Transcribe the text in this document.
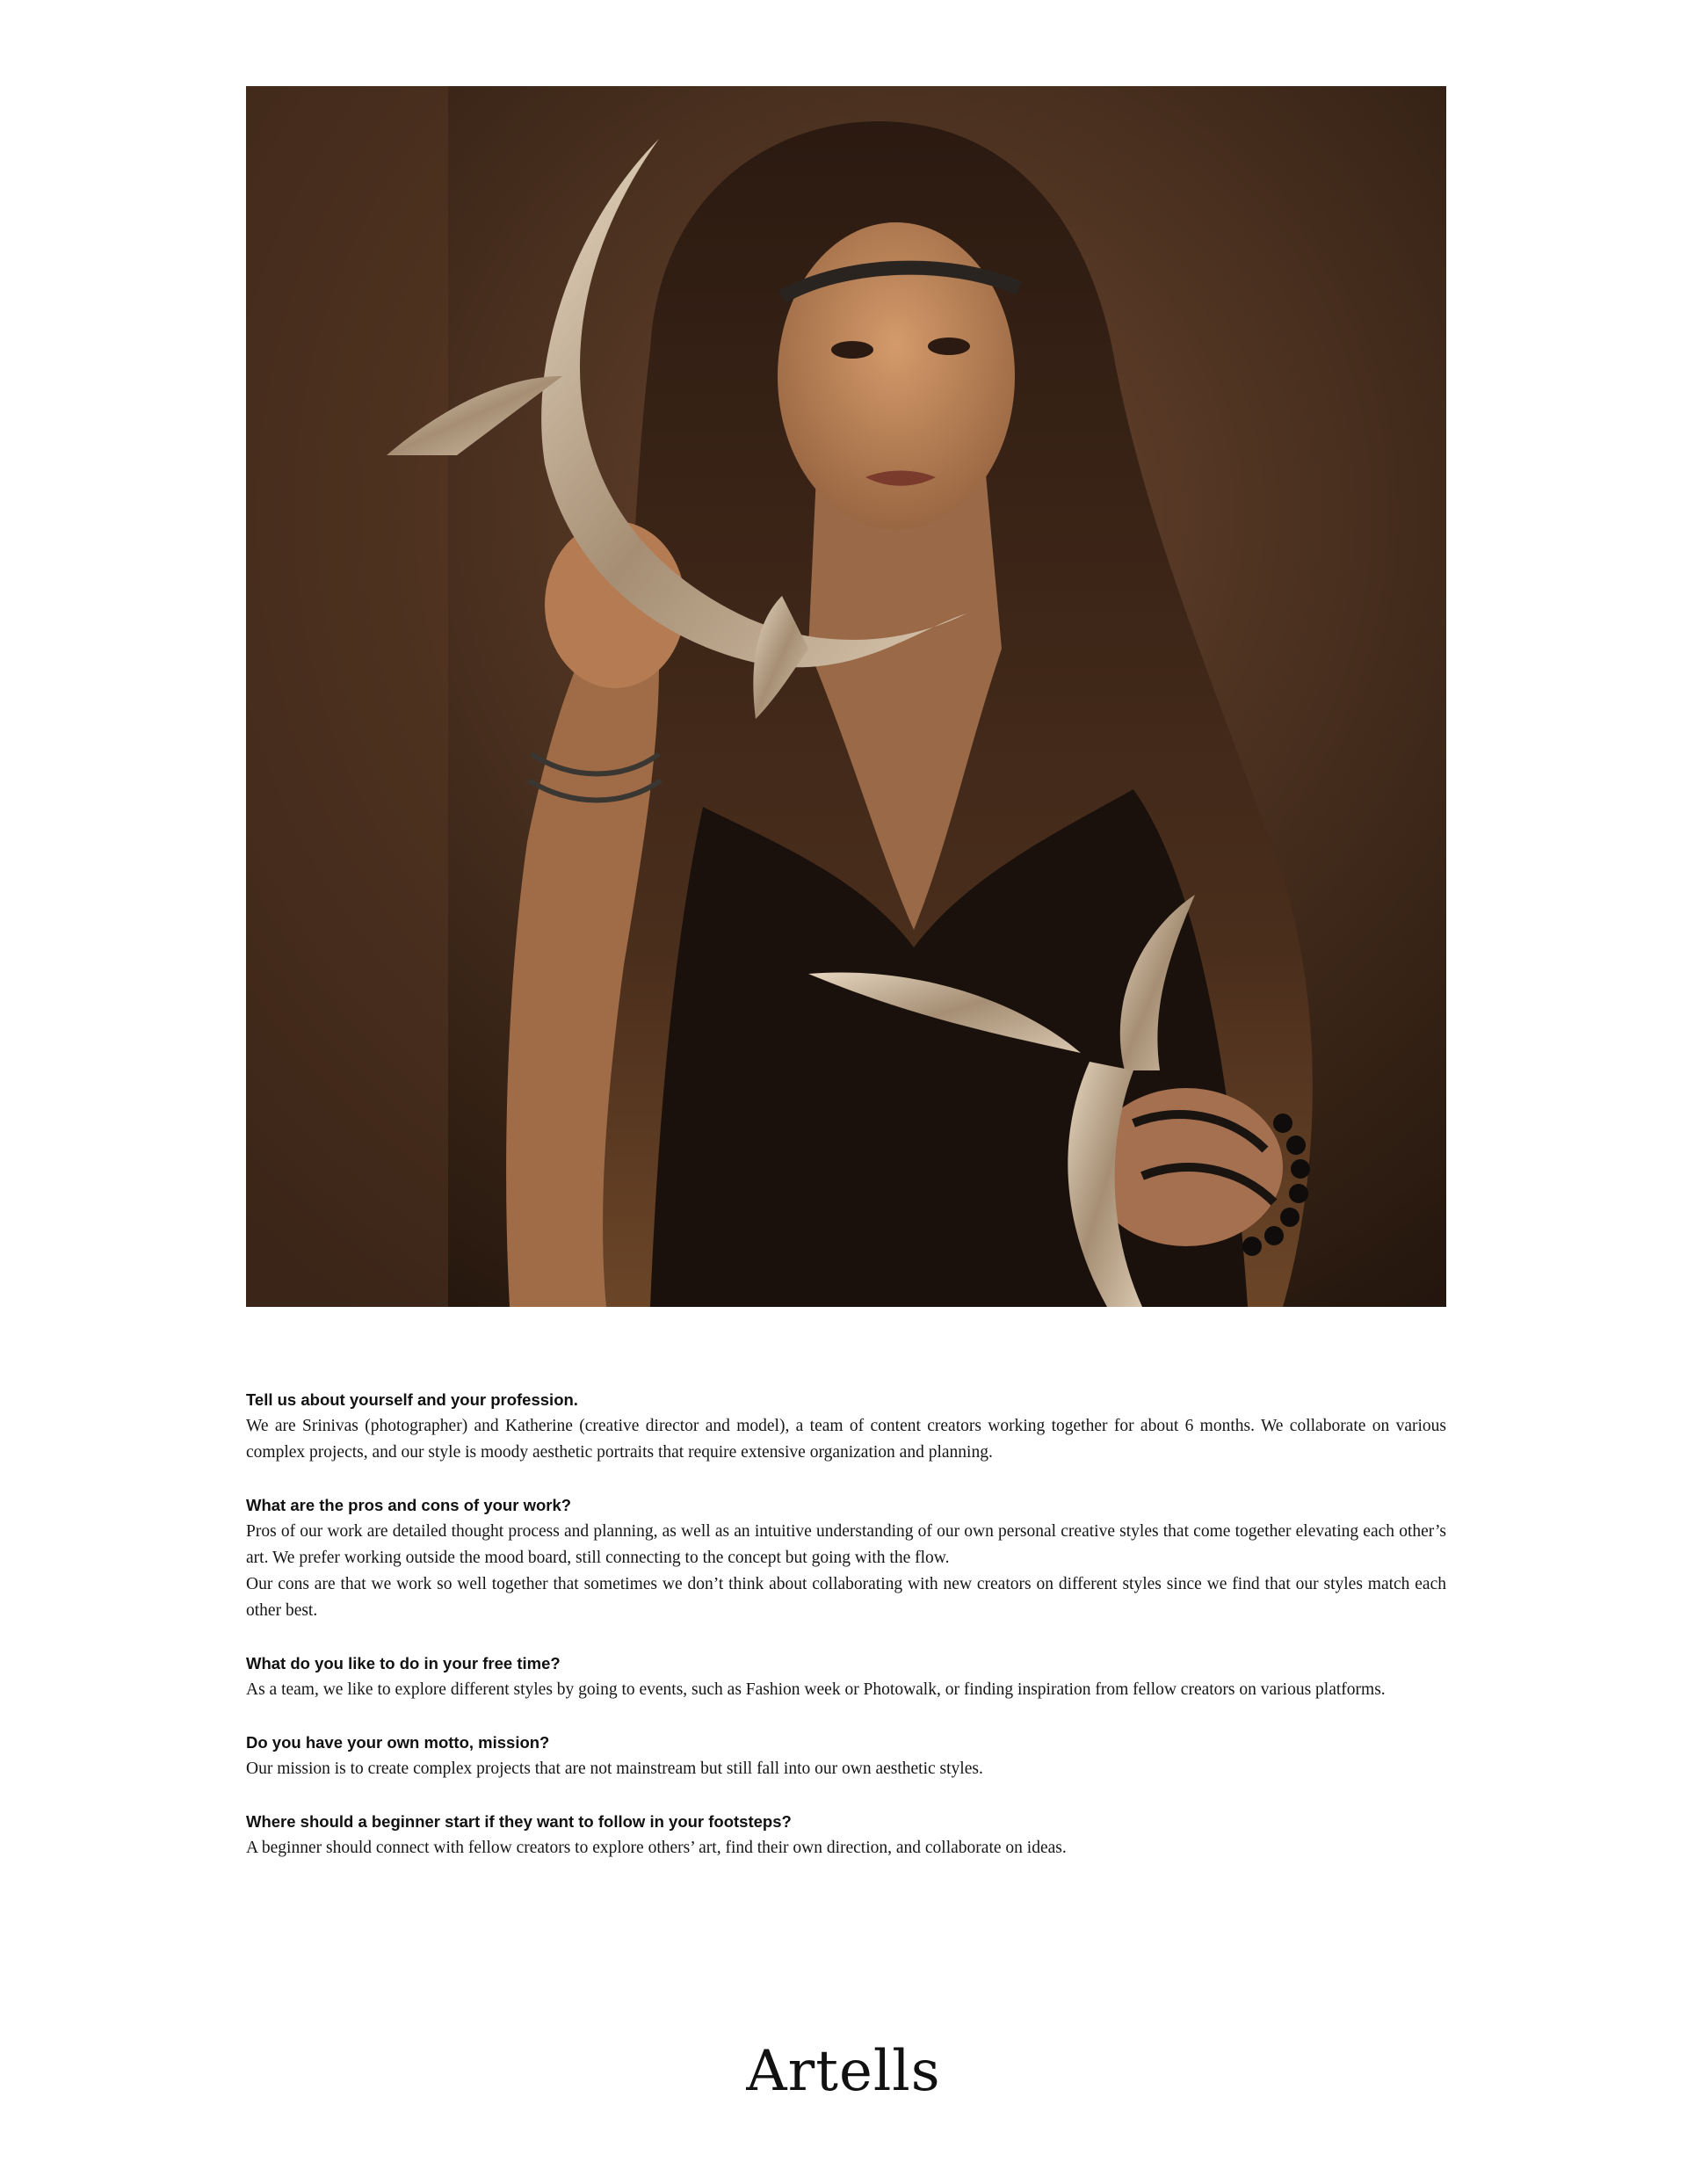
Tell us about yourself and your profession.

We are Srinivas (photographer) and Katherine (creative director and model), a team of content creators working together for about 6 months. We collaborate on various complex projects, and our style is moody aesthetic portraits that require extensive organization and planning.

What are the pros and cons of your work?

Pros of our work are detailed thought process and planning, as well as an intuitive understanding of our own personal creative styles that come together elevating each other’s art. We prefer working outside the mood board, still connecting to the concept but going with the flow.

Our cons are that we work so well together that sometimes we don’t think about collaborating with new creators on different styles since we find that our styles match each other best.

What do you like to do in your free time?

As a team, we like to explore different styles by going to events, such as Fashion week or Photowalk, or finding inspiration from fellow creators on various platforms.

Do you have your own motto, mission?

Our mission is to create complex projects that are not mainstream but still fall into our own aesthetic styles.

Where should a beginner start if they want to follow in your footsteps?

A beginner should connect with fellow creators to explore others’ art, find their own direction, and collaborate on ideas.

Artells
